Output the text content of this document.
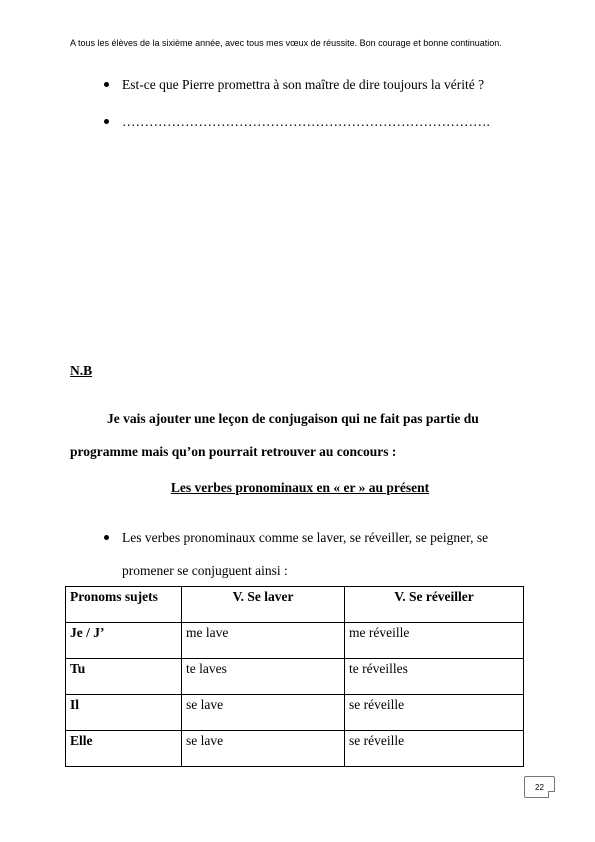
A tous les élèves de la sixième année, avec tous mes vœux de réussite. Bon courage et bonne continuation.
Est-ce que Pierre promettra à son maître de dire toujours la vérité ?
……………………………………………………………………….
N.B
Je vais ajouter une leçon de conjugaison qui ne fait pas partie du
programme mais qu’on pourrait retrouver au concours :
Les verbes pronominaux en « er » au présent
Les verbes pronominaux comme se laver, se réveiller, se peigner, se
promener se conjuguent ainsi :
Pronoms sujets	V. Se laver	V. Se réveiller
Je / J’	me lave	me réveille
Tu	te laves	te réveilles
Il	se lave	se réveille
Elle	se lave	se réveille
22
